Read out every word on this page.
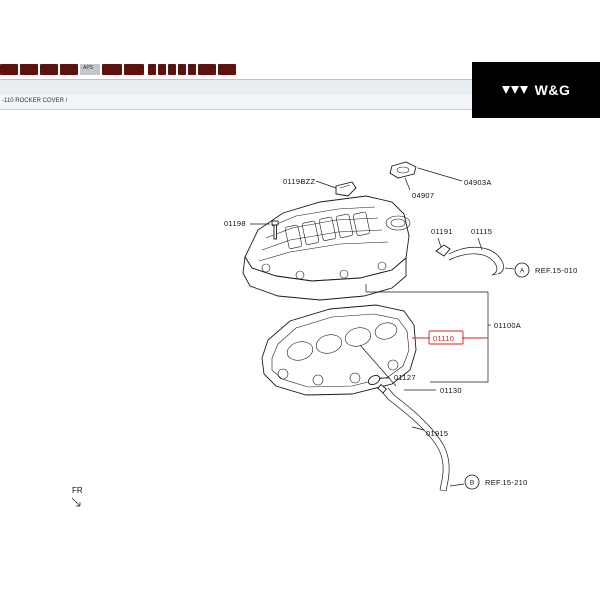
APS
-110 ROCKER COVER /
W&G
A
B
0119BZZ
04907
04903A
01198
01191 01115
REF.15-010
01100A
01110
01127
01130
01915
REF.15-210
FR
